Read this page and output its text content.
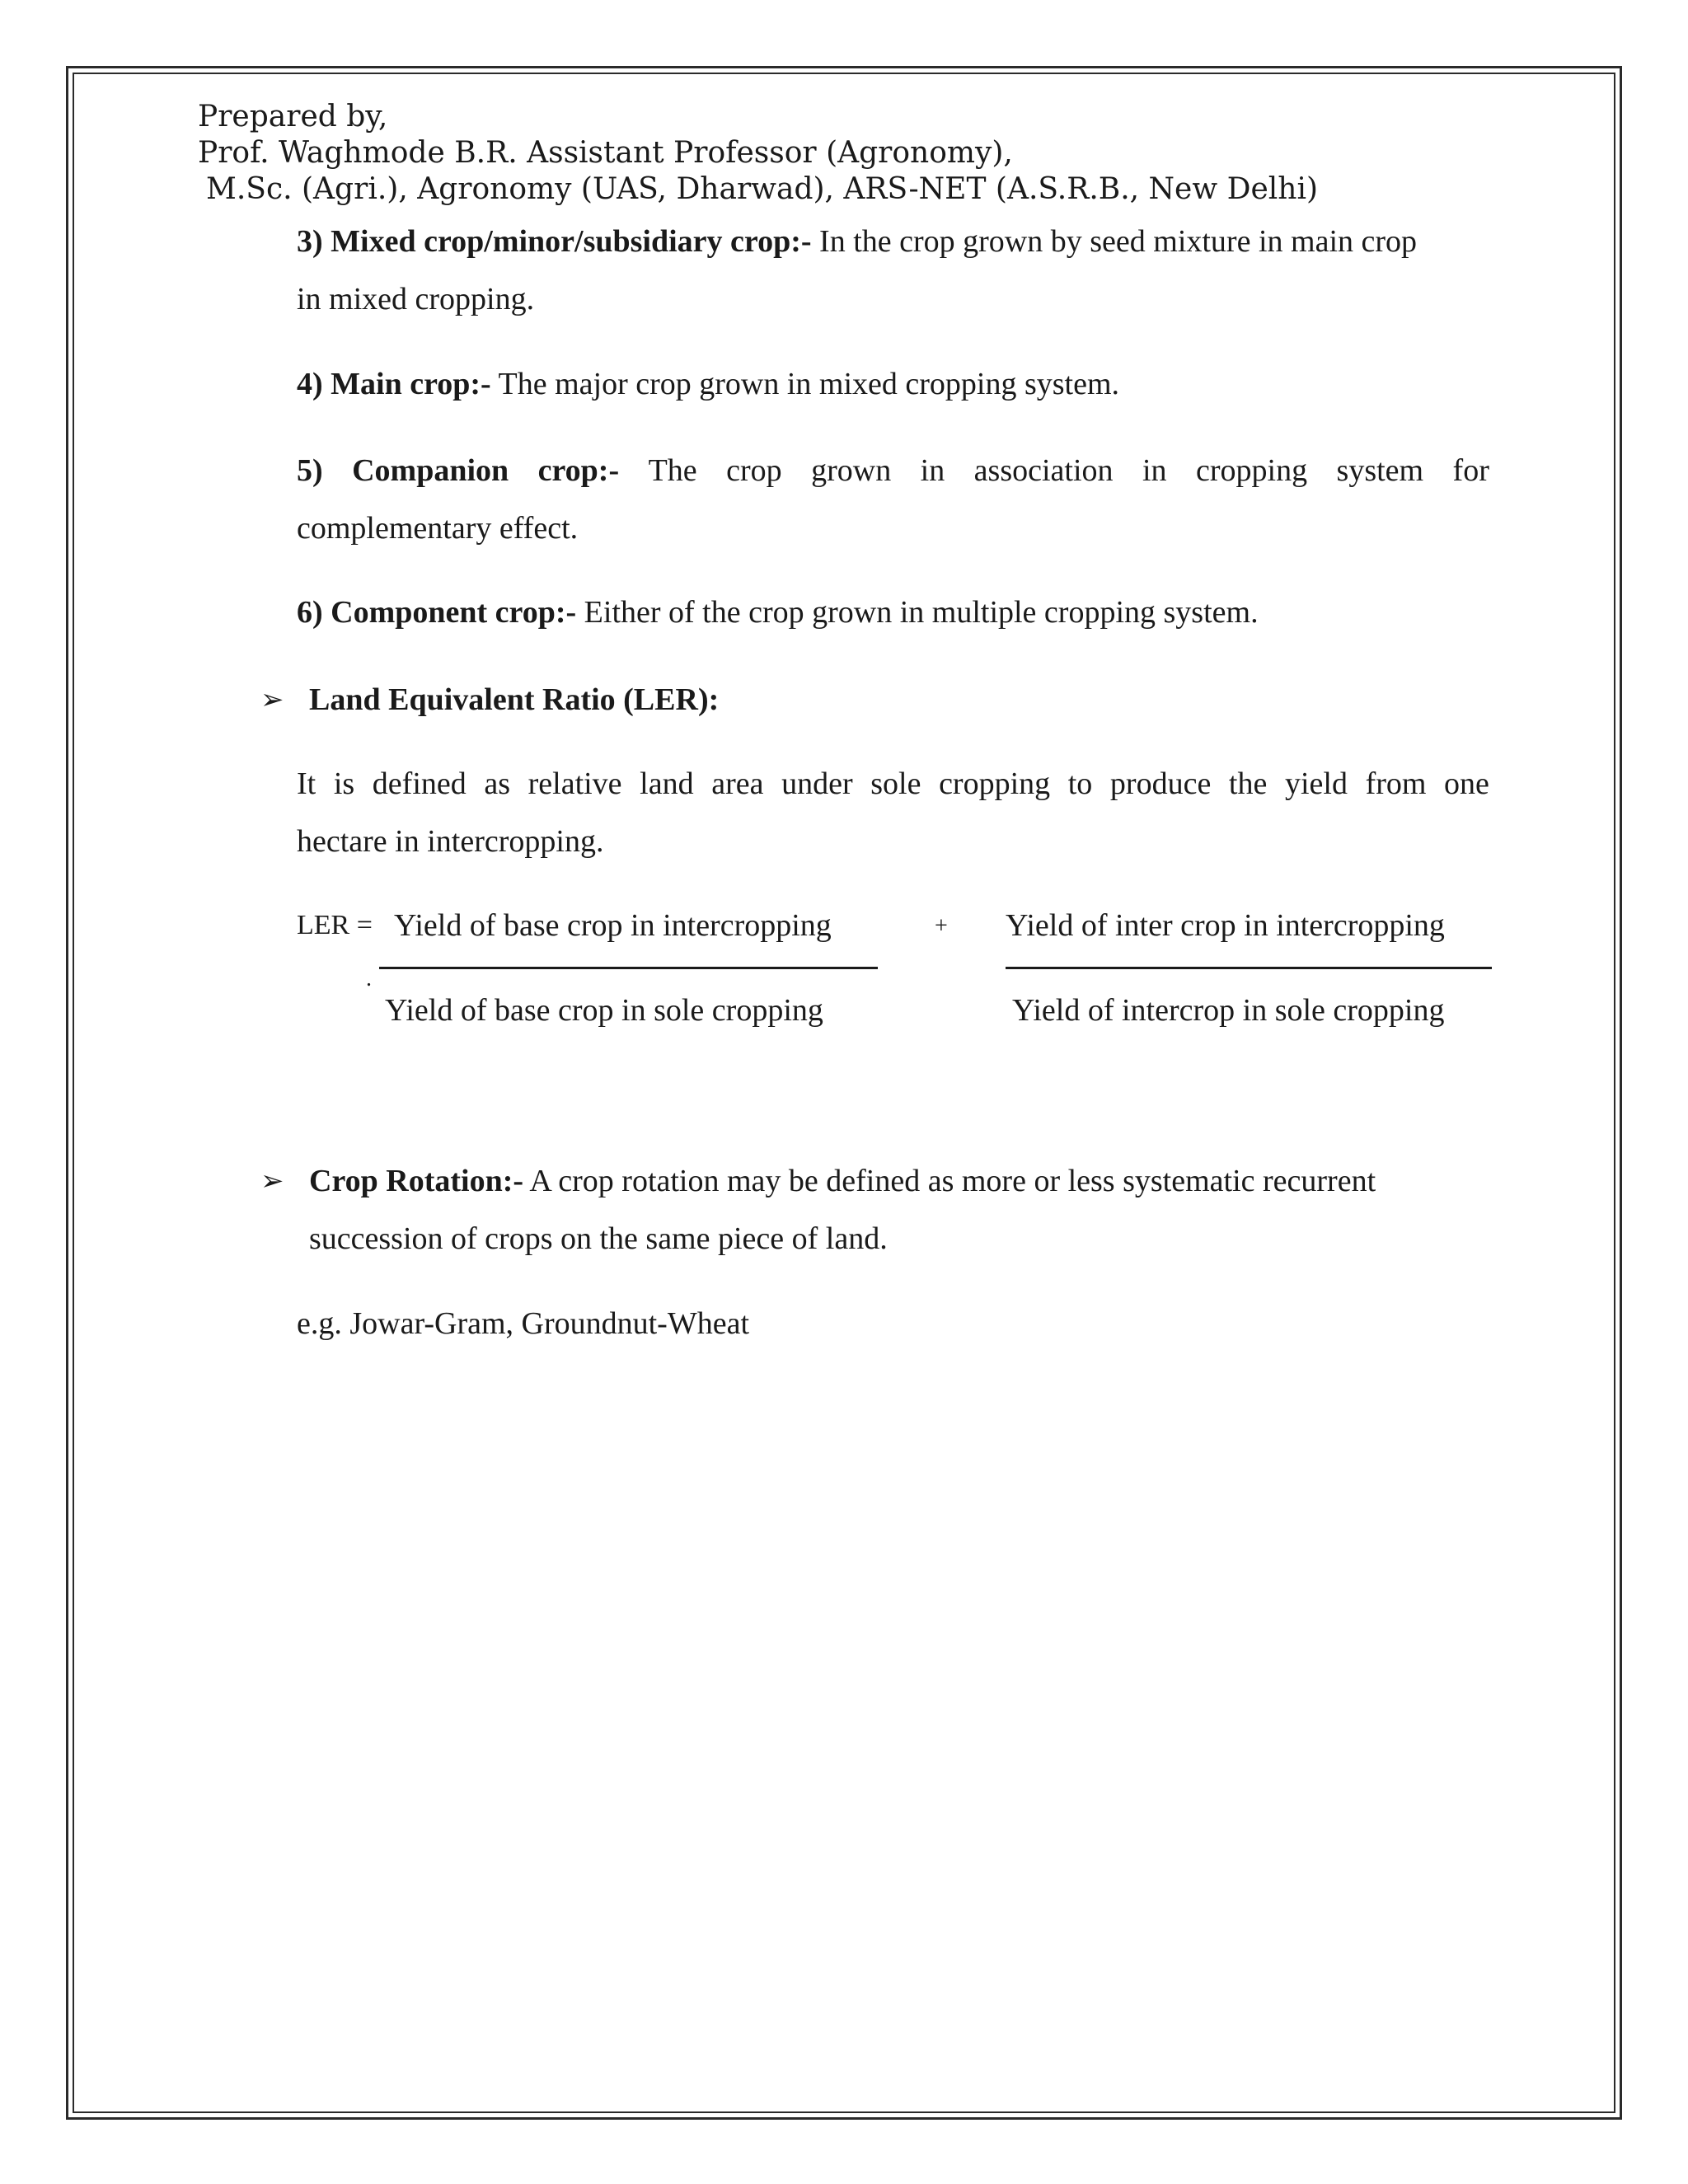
Prepared by,
Prof. Waghmode B.R. Assistant Professor (Agronomy),
M.Sc. (Agri.), Agronomy (UAS, Dharwad), ARS-NET (A.S.R.B., New Delhi)
3) Mixed crop/minor/subsidiary crop:- In the crop grown by seed mixture in main crop
in mixed cropping.
4) Main crop:- The major crop grown in mixed cropping system.
5) Companion crop:- The crop grown in association in cropping system for
complementary effect.
6) Component crop:- Either of the crop grown in multiple cropping system.
➢ Land Equivalent Ratio (LER):
It is defined as relative land area under sole cropping to produce the yield from one
hectare in intercropping.
LER = Yield of base crop in intercropping
.
Yield of base crop in sole cropping
+ Yield of inter crop in intercropping
Yield of intercrop in sole cropping
➢ Crop Rotation:- A crop rotation may be defined as more or less systematic recurrent
succession of crops on the same piece of land.
e.g. Jowar-Gram, Groundnut-Wheat
